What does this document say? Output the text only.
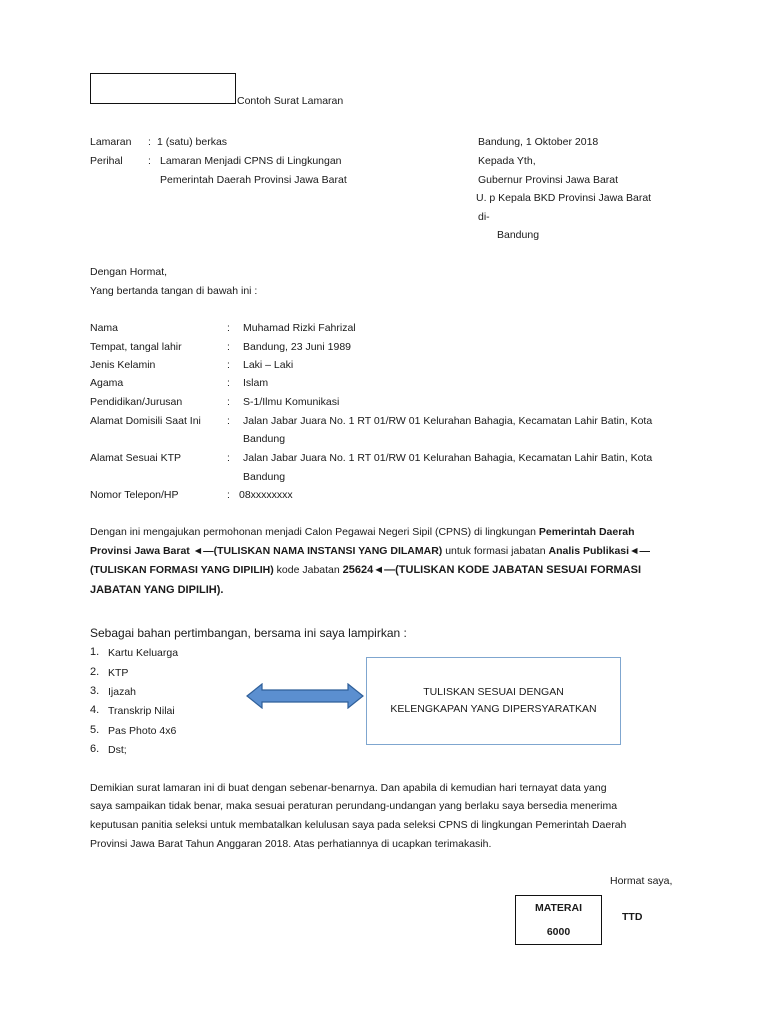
Contoh Surat Lamaran
Lamaran : 1 (satu) berkas
Perihal : Lamaran Menjadi CPNS di Lingkungan
Pemerintah Daerah Provinsi Jawa Barat
Bandung, 1 Oktober 2018
Kepada Yth,
Gubernur Provinsi Jawa Barat
U. p Kepala BKD Provinsi Jawa Barat
di-
Bandung
Dengan Hormat,
Yang bertanda tangan di bawah ini :
Nama	: Muhamad Rizki Fahrizal
Tempat, tangal lahir	: Bandung, 23 Juni 1989
Jenis Kelamin	: Laki – Laki
Agama	: Islam
Pendidikan/Jurusan	: S-1/Ilmu Komunikasi
Alamat Domisili Saat Ini : Jalan Jabar Juara No. 1 RT 01/RW 01 Kelurahan Bahagia, Kecamatan Lahir Batin, Kota
Bandung
Alamat Sesuai KTP	: Jalan Jabar Juara No. 1 RT 01/RW 01 Kelurahan Bahagia, Kecamatan Lahir Batin, Kota
Bandung
Nomor Telepon/HP	: 08xxxxxxxx
Dengan ini mengajukan permohonan menjadi Calon Pegawai Negeri Sipil (CPNS) di lingkungan Pemerintah Daerah
Provinsi Jawa Barat ◄—(TULISKAN NAMA INSTANSI YANG DILAMAR) untuk formasi jabatan Analis Publikasi◄—
(TULISKAN FORMASI YANG DIPILIH) kode Jabatan 25624◄—(TULISKAN KODE JABATAN SESUAI FORMASI
JABATAN YANG DIPILIH).
Sebagai bahan pertimbangan, bersama ini saya lampirkan :
1. Kartu Keluarga
2. KTP
3. Ijazah
4. Transkrip Nilai
5. Pas Photo 4x6
6. Dst;
TULISKAN SESUAI DENGAN
KELENGKAPAN YANG DIPERSYARATKAN
Demikian surat lamaran ini di buat dengan sebenar-benarnya. Dan apabila di kemudian hari ternayat data yang
saya sampaikan tidak benar, maka sesuai peraturan perundang-undangan yang berlaku saya bersedia menerima
keputusan panitia seleksi untuk membatalkan kelulusan saya pada seleksi CPNS di lingkungan Pemerintah Daerah
Provinsi Jawa Barat Tahun Anggaran 2018. Atas perhatiannya di ucapkan terimakasih.
Hormat saya,
MATERAI
6000
TTD
